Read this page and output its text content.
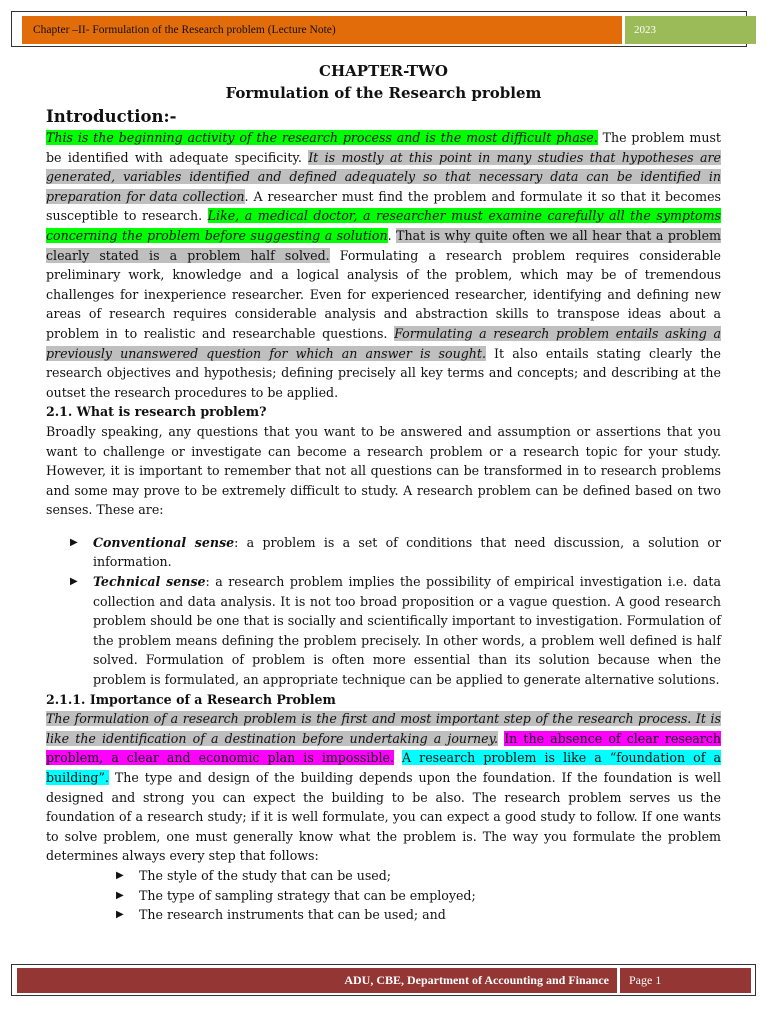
Chapter –II- Formulation of the Research problem (Lecture Note)	2023
CHAPTER-TWO
Formulation of the Research problem
Introduction:-

This is the beginning activity of the research process and is the most difficult phase. The problem must be identified with adequate specificity. It is mostly at this point in many studies that hypotheses are generated, variables identified and defined adequately so that necessary data can be identified in preparation for data collection. A researcher must find the problem and formulate it so that it becomes susceptible to research. Like, a medical doctor, a researcher must examine carefully all the symptoms concerning the problem before suggesting a solution. That is why quite often we all hear that a problem clearly stated is a problem half solved. Formulating a research problem requires considerable preliminary work, knowledge and a logical analysis of the problem, which may be of tremendous challenges for inexperience researcher. Even for experienced researcher, identifying and defining new areas of research requires considerable analysis and abstraction skills to transpose ideas about a problem in to realistic and researchable questions. Formulating a research problem entails asking a previously unanswered question for which an answer is sought. It also entails stating clearly the research objectives and hypothesis; defining precisely all key terms and concepts; and describing at the outset the research procedures to be applied.

2.1. What is research problem?

Broadly speaking, any questions that you want to be answered and assumption or assertions that you want to challenge or investigate can become a research problem or a research topic for your study. However, it is important to remember that not all questions can be transformed in to research problems and some may prove to be extremely difficult to study. A research problem can be defined based on two senses. These are:

▶ Conventional sense: a problem is a set of conditions that need discussion, a solution or information.
▶ Technical sense: a research problem implies the possibility of empirical investigation i.e. data collection and data analysis. It is not too broad proposition or a vague question. A good research problem should be one that is socially and scientifically important to investigation. Formulation of the problem means defining the problem precisely. In other words, a problem well defined is half solved. Formulation of problem is often more essential than its solution because when the problem is formulated, an appropriate technique can be applied to generate alternative solutions.
2.1.1. Importance of a Research Problem

The formulation of a research problem is the first and most important step of the research process. It is like the identification of a destination before undertaking a journey. In the absence of clear research problem, a clear and economic plan is impossible. A research problem is like a “foundation of a building”. The type and design of the building depends upon the foundation. If the foundation is well designed and strong you can expect the building to be also. The research problem serves us the foundation of a research study; if it is well formulate, you can expect a good study to follow. If one wants to solve problem, one must generally know what the problem is. The way you formulate the problem determines always every step that follows:

▶ The style of the study that can be used;
▶ The type of sampling strategy that can be employed;
▶ The research instruments that can be used; and
ADU, CBE, Department of Accounting and Finance	Page 1
